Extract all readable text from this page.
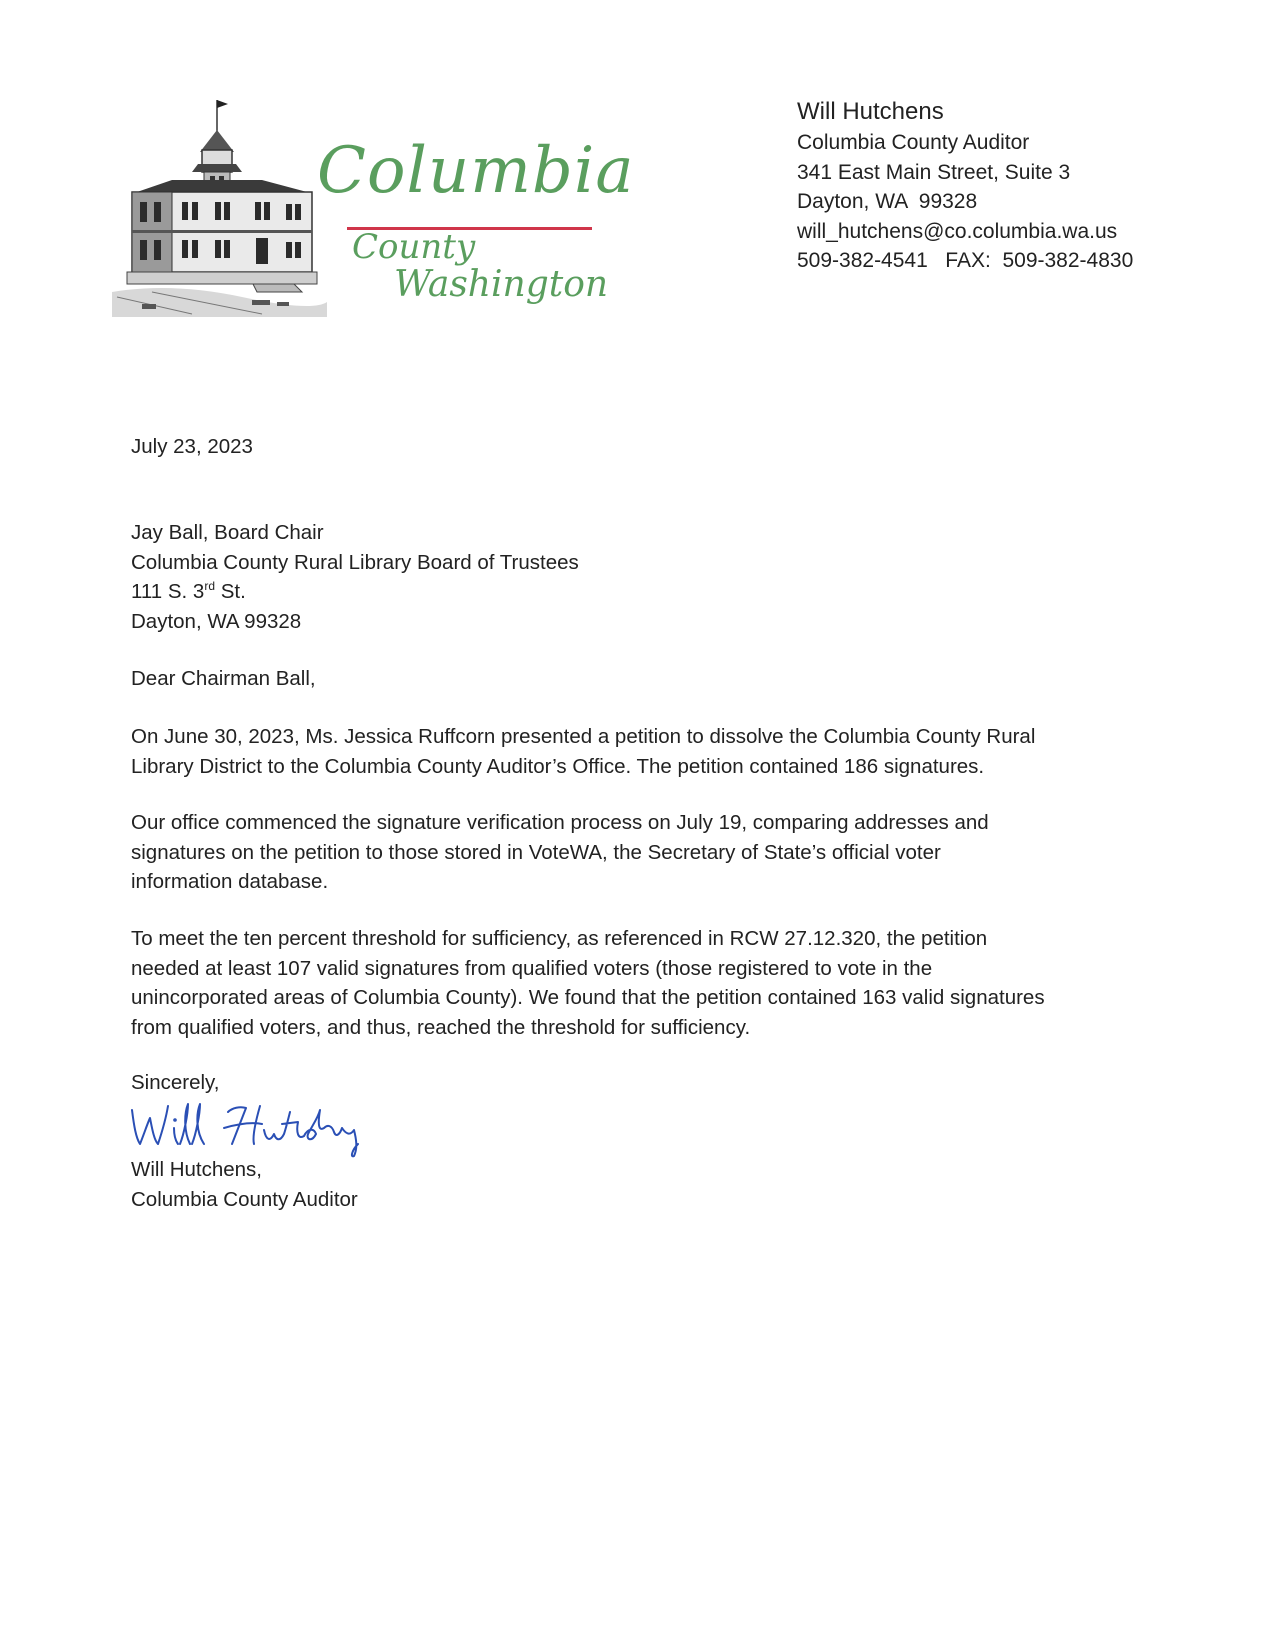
Columbia
County
Washington
Will Hutchens
Columbia County Auditor
341 East Main Street, Suite 3
Dayton, WA  99328
will_hutchens@co.columbia.wa.us
509-382-4541   FAX:  509-382-4830
July 23, 2023
Jay Ball, Board Chair
Columbia County Rural Library Board of Trustees
111 S. 3rd St.
Dayton, WA 99328
Dear Chairman Ball,
On June 30, 2023, Ms. Jessica Ruffcorn presented a petition to dissolve the Columbia County Rural
Library District to the Columbia County Auditor’s Office. The petition contained 186 signatures.
Our office commenced the signature verification process on July 19, comparing addresses and
signatures on the petition to those stored in VoteWA, the Secretary of State’s official voter
information database.
To meet the ten percent threshold for sufficiency, as referenced in RCW 27.12.320, the petition
needed at least 107 valid signatures from qualified voters (those registered to vote in the
unincorporated areas of Columbia County). We found that the petition contained 163 valid signatures
from qualified voters, and thus, reached the threshold for sufficiency.
Sincerely,
Will Hutchens,
Columbia County Auditor
